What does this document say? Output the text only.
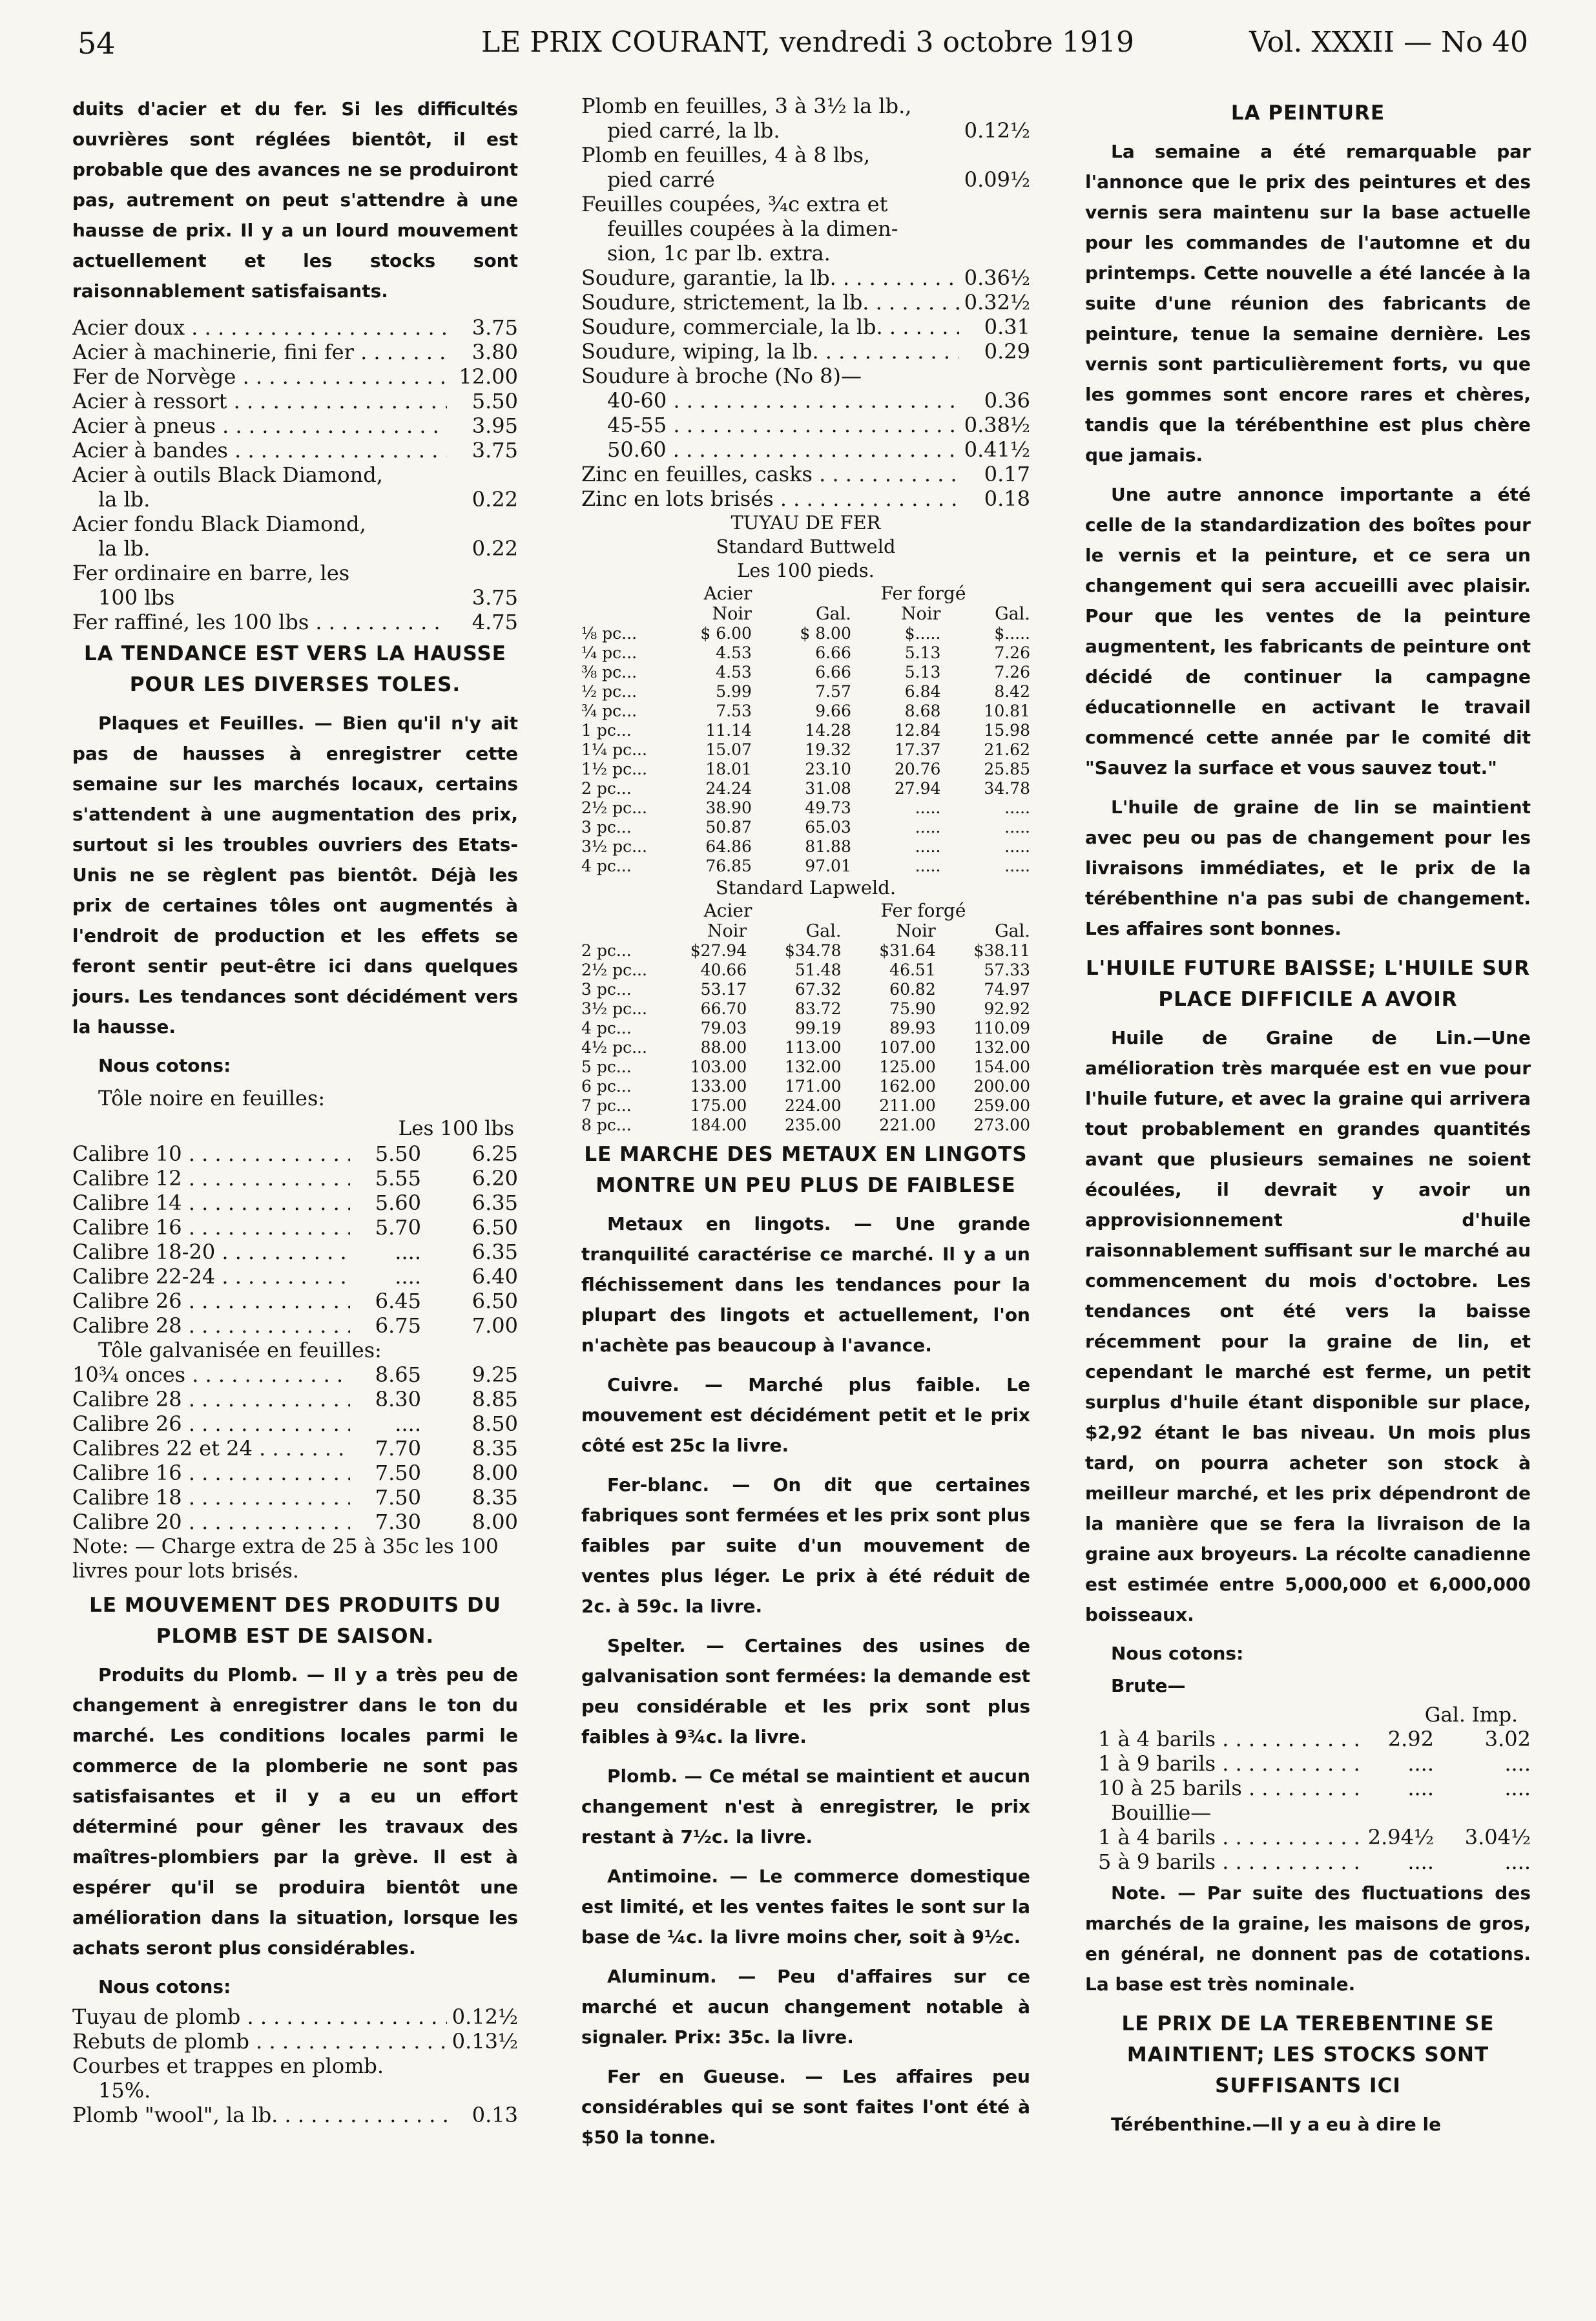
54	LE PRIX COURANT, vendredi 3 octobre 1919	Vol. XXXII — No 40

duits d'acier et du fer. Si les difficultés ouvrières sont réglées bientôt, il est probable que des avances ne se produiront pas, autrement on peut s'attendre à une hausse de prix. Il y a un lourd mouvement actuellement et les stocks sont raisonnablement satisfaisants.

Acier doux . . .	3.75
Acier à machinerie, fini fer . . .	3.80
Fer de Norvège . . .	12.00
Acier à ressort . . .	5.50
Acier à pneus . . .	3.95
Acier à bandes . . .	3.75
Acier à outils Black Diamond,
la lb.	0.22
Acier fondu Black Diamond,
la lb.	0.22
Fer ordinaire en barre, les
100 lbs	3.75
Fer raffiné, les 100 lbs . . .	4.75
LA TENDANCE EST VERS LA HAUSSE POUR LES DIVERSES TOLES.

Plaques et Feuilles. — Bien qu'il n'y ait pas de hausses à enregistrer cette semaine sur les marchés locaux, certains s'attendent à une augmentation des prix, surtout si les troubles ouvriers des Etats-Unis ne se règlent pas bientôt. Déjà les prix de certaines tôles ont augmentés à l'endroit de production et les effets se feront sentir peut-être ici dans quelques jours. Les tendances sont décidément vers la hausse.

Nous cotons:
Tôle noire en feuilles:
Les 100 lbs
Calibre 10 . . .	5.50	6.25
Calibre 12 . . .	5.55	6.20
Calibre 14 . . .	5.60	6.35
Calibre 16 . . .	5.70	6.50
Calibre 18-20 . . .	....	6.35
Calibre 22-24 . . .	....	6.40
Calibre 26 . . .	6.45	6.50
Calibre 28 . . .	6.75	7.00
Tôle galvanisée en feuilles:
10¾ onces . . .	8.65	9.25
Calibre 28 . . .	8.30	8.85
Calibre 26 . . .	....	8.50
Calibres 22 et 24 . . .	7.70	8.35
Calibre 16 . . .	7.50	8.00
Calibre 18 . . .	7.50	8.35
Calibre 20 . . .	7.30	8.00
Note: — Charge extra de 25 à 35c les 100 livres pour lots brisés.
LE MOUVEMENT DES PRODUITS DU PLOMB EST DE SAISON.

Produits du Plomb. — Il y a très peu de changement à enregistrer dans le ton du marché. Les conditions locales parmi le commerce de la plomberie ne sont pas satisfaisantes et il y a eu un effort déterminé pour gêner les travaux des maîtres-plombiers par la grève. Il est à espérer qu'il se produira bientôt une amélioration dans la situation, lorsque les achats seront plus considérables.

Nous cotons:
Tuyau de plomb . . .	0.12½
Rebuts de plomb . . .	0.13½
Courbes et trappes en plomb.
15%.
Plomb "wool", la lb. . . .	0.13
Plomb en feuilles, 3 à 3½ la lb.,
pied carré, la lb.	0.12½
Plomb en feuilles, 4 à 8 lbs,
pied carré	0.09½
Feuilles coupées, ¾c extra et
feuilles coupées à la dimen-
sion, 1c par lb. extra.
Soudure, garantie, la lb. . . .	0.36½
Soudure, strictement, la lb. . . .	0.32½
Soudure, commerciale, la lb. . . .	0.31
Soudure, wiping, la lb. . . .	0.29
Soudure à broche (No 8)—
40-60 . . .	0.36
45-55 . . .	0.38½
50.60 . . .	0.41½
Zinc en feuilles, casks . . .	0.17
Zinc en lots brisés . . .	0.18
TUYAU DE FER
Standard Buttweld
Les 100 pieds.
Acier	Fer forgé
	Noir	Gal.	Noir	Gal.
⅛ pc...	$ 6.00	$ 8.00	$.....	$.....
¼ pc...	4.53	6.66	5.13	7.26
⅜ pc...	4.53	6.66	5.13	7.26
½ pc...	5.99	7.57	6.84	8.42
¾ pc...	7.53	9.66	8.68	10.81
1 pc...	11.14	14.28	12.84	15.98
1¼ pc...	15.07	19.32	17.37	21.62
1½ pc...	18.01	23.10	20.76	25.85
2 pc...	24.24	31.08	27.94	34.78
2½ pc...	38.90	49.73	.....	.....
3 pc...	50.87	65.03	.....	.....
3½ pc...	64.86	81.88	.....	.....
4 pc...	76.85	97.01	.....	.....
Standard Lapweld.
Acier	Fer forgé
	Noir	Gal.	Noir	Gal.
2 pc...	$27.94	$34.78	$31.64	$38.11
2½ pc...	40.66	51.48	46.51	57.33
3 pc...	53.17	67.32	60.82	74.97
3½ pc...	66.70	83.72	75.90	92.92
4 pc...	79.03	99.19	89.93	110.09
4½ pc...	88.00	113.00	107.00	132.00
5 pc...	103.00	132.00	125.00	154.00
6 pc...	133.00	171.00	162.00	200.00
7 pc...	175.00	224.00	211.00	259.00
8 pc...	184.00	235.00	221.00	273.00
LE MARCHE DES METAUX EN LINGOTS MONTRE UN PEU PLUS DE FAIBLESE

Metaux en lingots. — Une grande tranquilité caractérise ce marché. Il y a un fléchissement dans les tendances pour la plupart des lingots et actuellement, l'on n'achète pas beaucoup à l'avance.

Cuivre. — Marché plus faible. Le mouvement est décidément petit et le prix côté est 25c la livre.

Fer-blanc. — On dit que certaines fabriques sont fermées et les prix sont plus faibles par suite d'un mouvement de ventes plus léger. Le prix à été réduit de 2c. à 59c. la livre.

Spelter. — Certaines des usines de galvanisation sont fermées: la demande est peu considérable et les prix sont plus faibles à 9¾c. la livre.

Plomb. — Ce métal se maintient et aucun changement n'est à enregistrer, le prix restant à 7½c. la livre.

Antimoine. — Le commerce domestique est limité, et les ventes faites le sont sur la base de ¼c. la livre moins cher, soit à 9½c.

Aluminum. — Peu d'affaires sur ce marché et aucun changement notable à signaler. Prix: 35c. la livre.

Fer en Gueuse. — Les affaires peu considérables qui se sont faites l'ont été à $50 la tonne.

LA PEINTURE

La semaine a été remarquable par l'annonce que le prix des peintures et des vernis sera maintenu sur la base actuelle pour les commandes de l'automne et du printemps. Cette nouvelle a été lancée à la suite d'une réunion des fabricants de peinture, tenue la semaine dernière. Les vernis sont particulièrement forts, vu que les gommes sont encore rares et chères, tandis que la térébenthine est plus chère que jamais.

Une autre annonce importante a été celle de la standardization des boîtes pour le vernis et la peinture, et ce sera un changement qui sera accueilli avec plaisir. Pour que les ventes de la peinture augmentent, les fabricants de peinture ont décidé de continuer la campagne éducationnelle en activant le travail commencé cette année par le comité dit "Sauvez la surface et vous sauvez tout."

L'huile de graine de lin se maintient avec peu ou pas de changement pour les livraisons immédiates, et le prix de la térébenthine n'a pas subi de changement. Les affaires sont bonnes.

L'HUILE FUTURE BAISSE; L'HUILE SUR PLACE DIFFICILE A AVOIR

Huile de Graine de Lin.—Une amélioration très marquée est en vue pour l'huile future, et avec la graine qui arrivera tout probablement en grandes quantités avant que plusieurs semaines ne soient écoulées, il devrait y avoir un approvisionnement d'huile raisonnablement suffisant sur le marché au commencement du mois d'octobre. Les tendances ont été vers la baisse récemment pour la graine de lin, et cependant le marché est ferme, un petit surplus d'huile étant disponible sur place, $2,92 étant le bas niveau. Un mois plus tard, on pourra acheter son stock à meilleur marché, et les prix dépendront de la manière que se fera la livraison de la graine aux broyeurs. La récolte canadienne est estimée entre 5,000,000 et 6,000,000 boisseaux.

Nous cotons:
Brute—
Gal. Imp.
1 à 4 barils . . .	2.92	3.02
1 à 9 barils . . .	....	....
10 à 25 barils . . .	....	....
Bouillie—
1 à 4 barils . . .	2.94½	3.04½
5 à 9 barils . . .	....	....

Note. — Par suite des fluctuations des marchés de la graine, les maisons de gros, en général, ne donnent pas de cotations. La base est très nominale.

LE PRIX DE LA TEREBENTINE SE MAINTIENT; LES STOCKS SONT SUFFISANTS ICI

Térébenthine.—Il y a eu à dire le
